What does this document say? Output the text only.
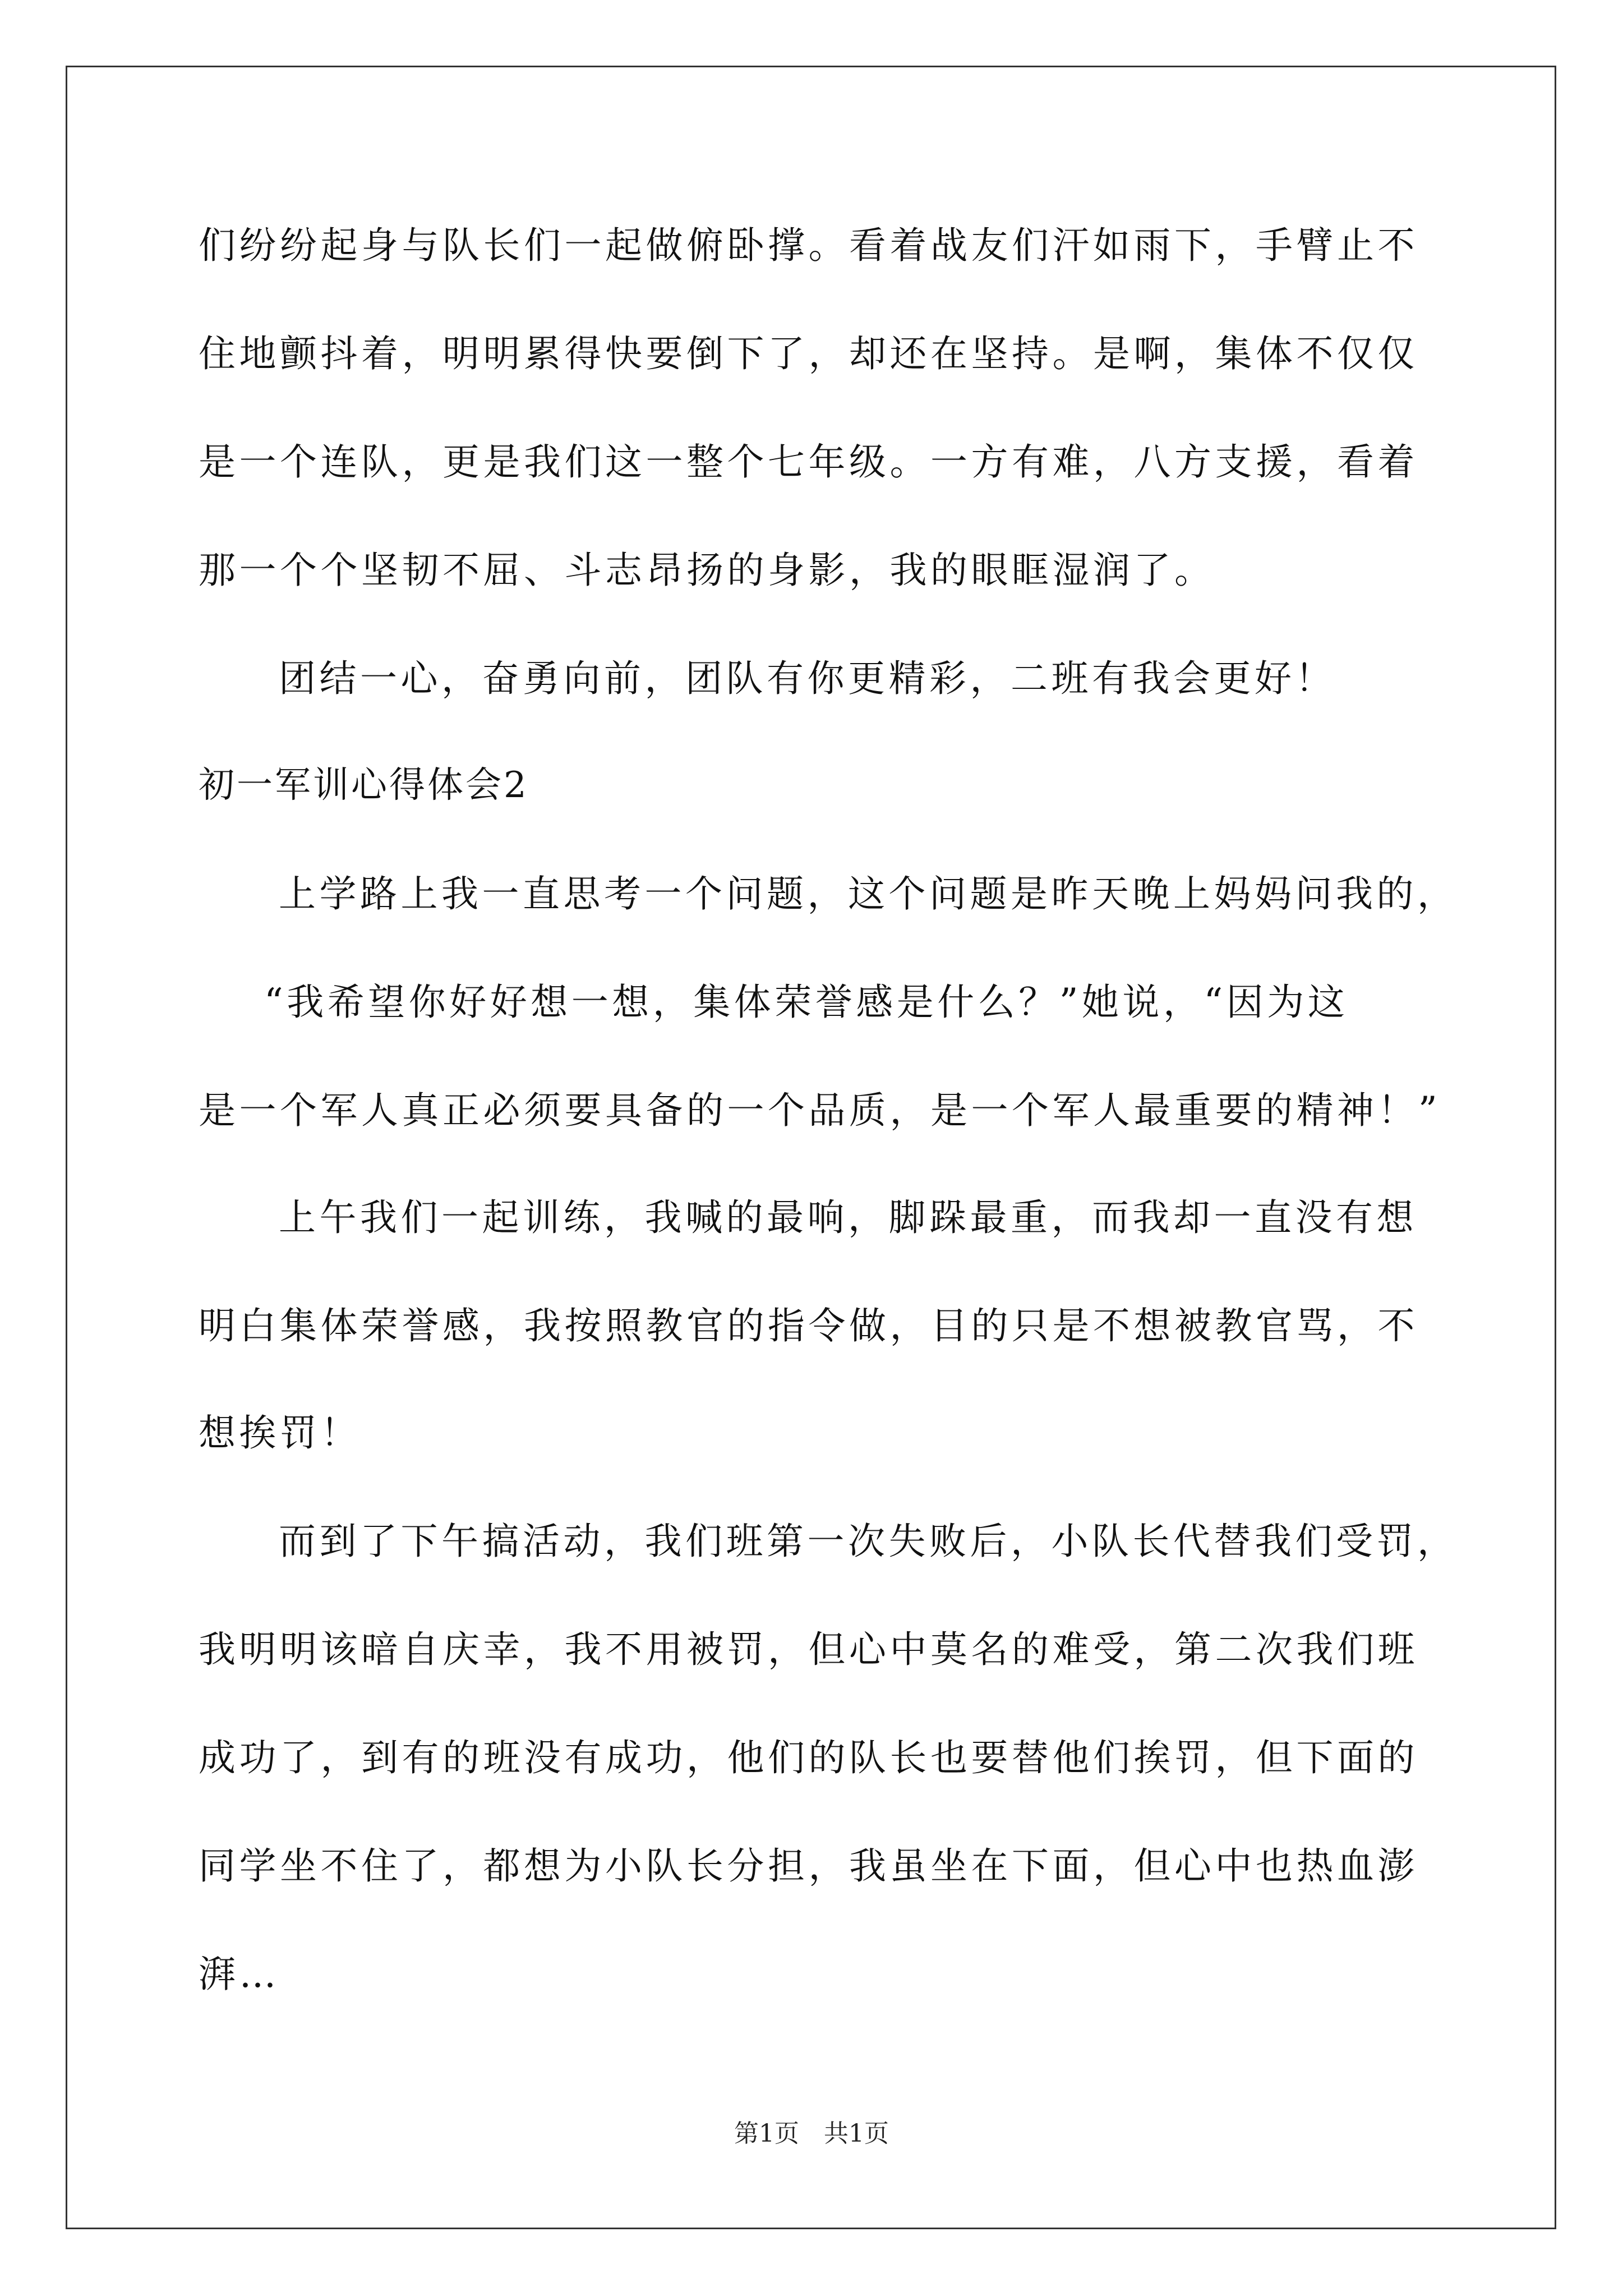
们纷纷起身与队长们一起做俯卧撑。看着战友们汗如雨下，手臂止不
住地颤抖着，明明累得快要倒下了，却还在坚持。是啊，集体不仅仅
是一个连队，更是我们这一整个七年级。一方有难，八方支援，看着
那一个个坚韧不屈、斗志昂扬的身影，我的眼眶湿润了。
团结一心，奋勇向前，团队有你更精彩，二班有我会更好！
初一军训心得体会2
上学路上我一直思考一个问题，这个问题是昨天晚上妈妈问我的，
“我希望你好好想一想，集体荣誉感是什么？”她说，“因为这
是一个军人真正必须要具备的一个品质，是一个军人最重要的精神！”
上午我们一起训练，我喊的最响，脚跺最重，而我却一直没有想
明白集体荣誉感，我按照教官的指令做，目的只是不想被教官骂，不
想挨罚！
而到了下午搞活动，我们班第一次失败后，小队长代替我们受罚，
我明明该暗自庆幸，我不用被罚，但心中莫名的难受，第二次我们班
成功了，到有的班没有成功，他们的队长也要替他们挨罚，但下面的
同学坐不住了，都想为小队长分担，我虽坐在下面，但心中也热血澎
湃…
第1页　共1页
